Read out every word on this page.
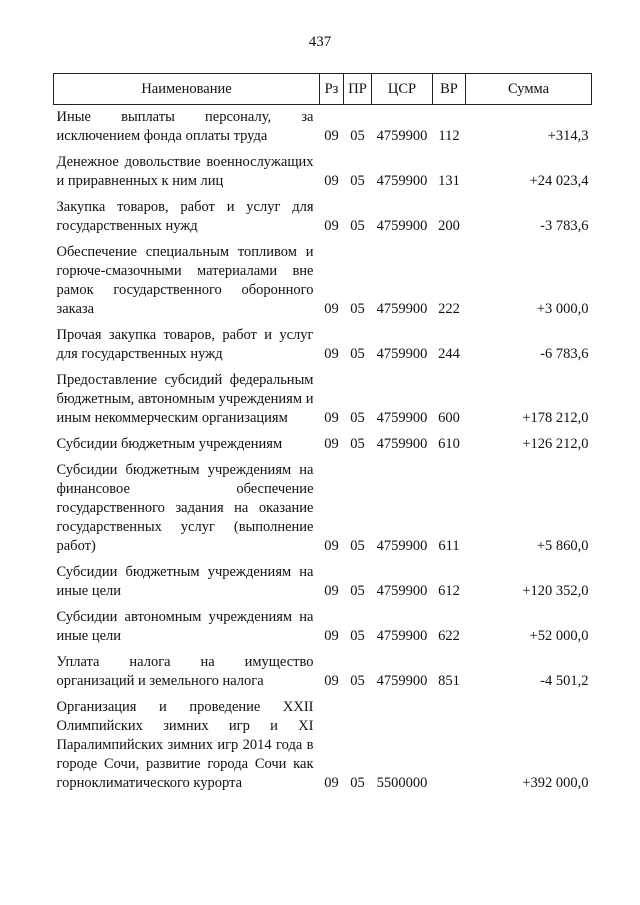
437
Наименование	Рз	ПР	ЦСР	ВР	Сумма
Иные выплаты персоналу, за исключением фонда оплаты труда	09	05	4759900	112	+314,3
Денежное довольствие военнослужащих и приравненных к ним лиц	09	05	4759900	131	+24 023,4
Закупка товаров, работ и услуг для государственных нужд	09	05	4759900	200	-3 783,6
Обеспечение специальным топливом и горюче-смазочными материалами вне рамок государственного оборонного заказа	09	05	4759900	222	+3 000,0
Прочая закупка товаров, работ и услуг для государственных нужд	09	05	4759900	244	-6 783,6
Предоставление субсидий федеральным бюджетным, автономным учреждениям и иным некоммерческим организациям	09	05	4759900	600	+178 212,0
Субсидии бюджетным учреждениям	09	05	4759900	610	+126 212,0
Субсидии бюджетным учреждениям на финансовое обеспечение государственного задания на оказание государственных услуг (выполнение работ)	09	05	4759900	611	+5 860,0
Субсидии бюджетным учреждениям на иные цели	09	05	4759900	612	+120 352,0
Субсидии автономным учреждениям на иные цели	09	05	4759900	622	+52 000,0
Уплата налога на имущество организаций и земельного налога	09	05	4759900	851	-4 501,2
Организация и проведение XXII Олимпийских зимних игр и XI Паралимпийских зимних игр 2014 года в городе Сочи, развитие города Сочи как горноклиматического курорта	09	05	5500000		+392 000,0
